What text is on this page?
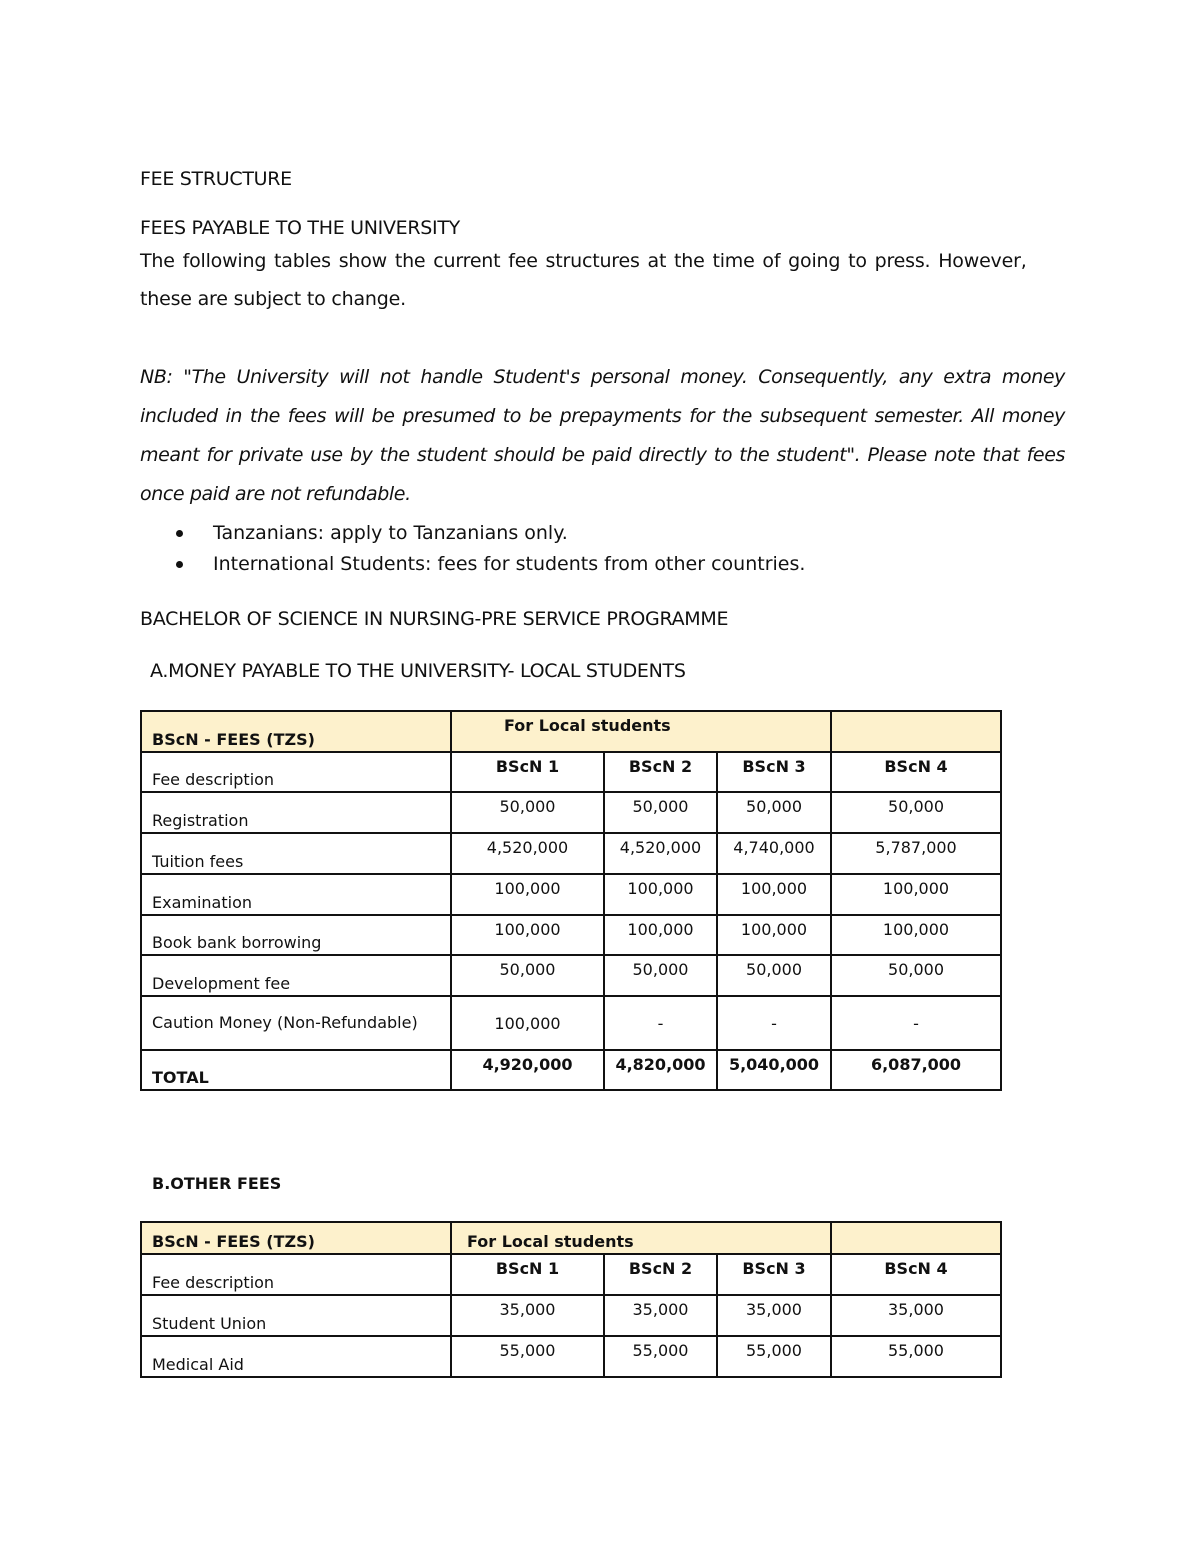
FEE STRUCTURE
FEES PAYABLE TO THE UNIVERSITY
The following tables show the current fee structures at the time of going to press. However,
these are subject to change.
NB: "The University will not handle Student's personal money. Consequently, any extra money included in the fees will be presumed to be prepayments for the subsequent semester. All money meant for private use by the student should be paid directly to the student". Please note that fees once paid are not refundable.
Tanzanians: apply to Tanzanians only.
International Students: fees for students from other countries.
BACHELOR OF SCIENCE IN NURSING-PRE SERVICE PROGRAMME
A.MONEY PAYABLE TO THE UNIVERSITY- LOCAL STUDENTS
BScN - FEES (TZS)	For Local students			
Fee description	BScN 1	BScN 2	BScN 3	BScN 4
Registration	50,000	50,000	50,000	50,000
Tuition fees	4,520,000	4,520,000	4,740,000	5,787,000
Examination	100,000	100,000	100,000	100,000
Book bank borrowing	100,000	100,000	100,000	100,000
Development fee	50,000	50,000	50,000	50,000
Caution Money (Non-Refundable)	100,000	-	-	-
TOTAL	4,920,000	4,820,000	5,040,000	6,087,000
B.OTHER FEES
BScN - FEES (TZS)	For Local students			
Fee description	BScN 1	BScN 2	BScN 3	BScN 4
Student Union	35,000	35,000	35,000	35,000
Medical Aid	55,000	55,000	55,000	55,000
